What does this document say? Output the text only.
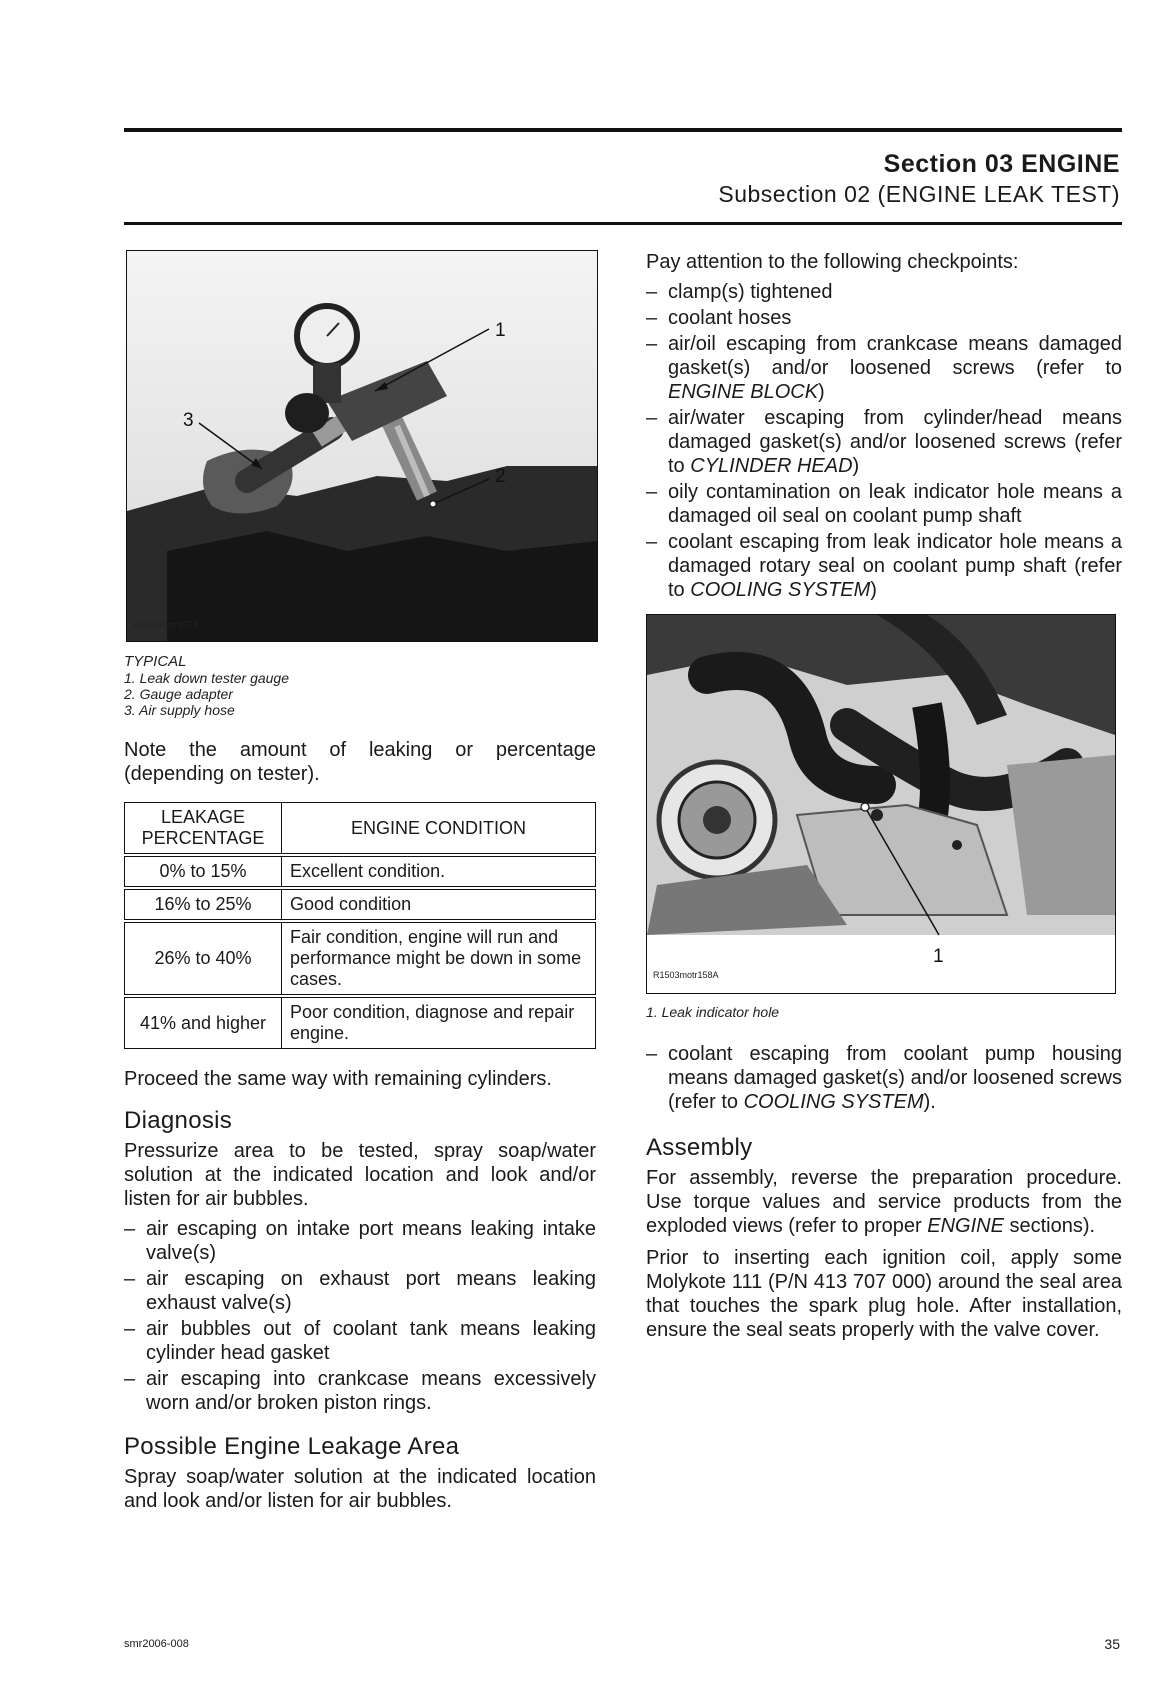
Section 03 ENGINE
Subsection 02 (ENGINE LEAK TEST)
1
2
3
R1503motr157A
TYPICAL
1. Leak down tester gauge
2. Gauge adapter
3. Air supply hose

Note the amount of leaking or percentage (depending on tester).

LEAKAGE PERCENTAGE	ENGINE CONDITION

0% to 15%	Excellent condition.

16% to 25%	Good condition

26% to 40%	Fair condition, engine will run and performance might be down in some cases.

41% and higher	Poor condition, diagnose and repair engine.

Proceed the same way with remaining cylinders.

Diagnosis

Pressurize area to be tested, spray soap/water solution at the indicated location and look and/or listen for air bubbles.

– air escaping on intake port means leaking intake valve(s)
– air escaping on exhaust port means leaking exhaust valve(s)
– air bubbles out of coolant tank means leaking cylinder head gasket
– air escaping into crankcase means excessively worn and/or broken piston rings.
Possible Engine Leakage Area

Spray soap/water solution at the indicated location and look and/or listen for air bubbles.

Pay attention to the following checkpoints:

– clamp(s) tightened
– coolant hoses
– air/oil escaping from crankcase means damaged gasket(s) and/or loosened screws (refer to ENGINE BLOCK)
– air/water escaping from cylinder/head means damaged gasket(s) and/or loosened screws (refer to CYLINDER HEAD)
– oily contamination on leak indicator hole means a damaged oil seal on coolant pump shaft
– coolant escaping from leak indicator hole means a damaged rotary seal on coolant pump shaft (refer to COOLING SYSTEM)
1
R1503motr158A
1. Leak indicator hole
– coolant escaping from coolant pump housing means damaged gasket(s) and/or loosened screws (refer to COOLING SYSTEM).
Assembly

For assembly, reverse the preparation procedure. Use torque values and service products from the exploded views (refer to proper ENGINE sections).

Prior to inserting each ignition coil, apply some Molykote 111 (P/N 413 707 000) around the seal area that touches the spark plug hole. After installation, ensure the seal seats properly with the valve cover.

smr2006-008	35
